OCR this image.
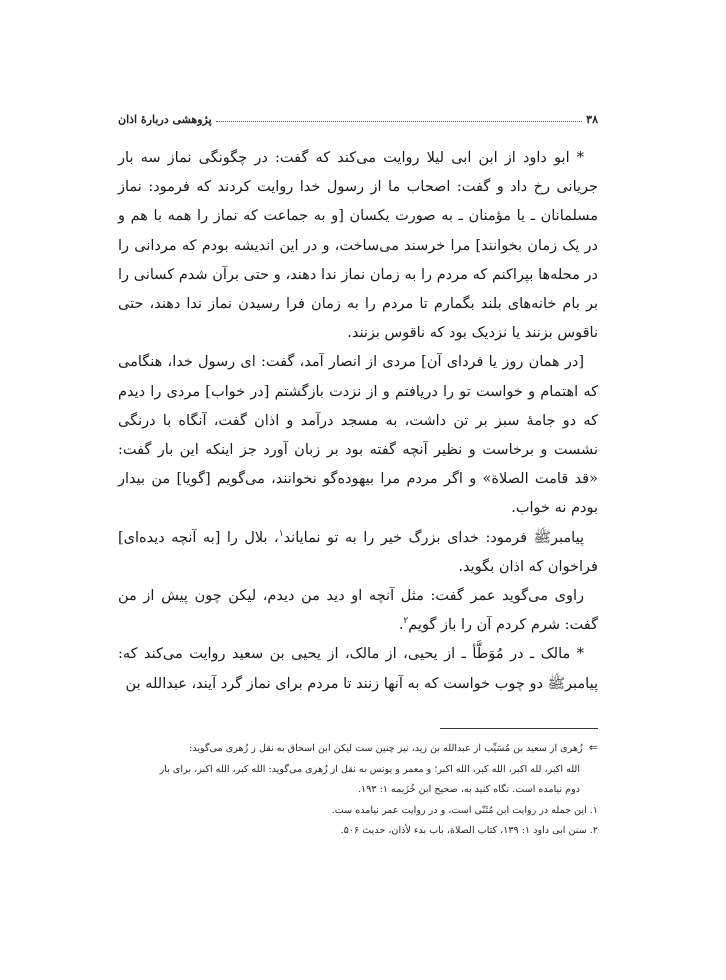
۳۸
پژوهشی دربارهٔ اذان

* ابو داود از ابن ابی لیلا روایت می‌کند که گفت: در چگونگی نماز سه بار جریانی رخ داد و گفت: اصحاب ما از رسول خدا روایت کردند که فرمود: نماز مسلمانان ـ یا مؤمنان ـ به صورت یکسان [و به جماعت که نماز را همه با هم و در یک زمان بخوانند] مرا خرسند می‌ساخت، و در این اندیشه بودم که مردانی را در محله‌ها بپراکنم که مردم را به زمان نماز ندا دهند، و حتی برآن شدم کسانی را بر بام خانه‌های بلند بگمارم تا مردم را به زمان فرا رسیدن نماز ندا دهند، حتی ناقوس بزنند یا نزدیک بود که ناقوس بزنند.

[در همان روز یا فردای آن] مردی از انصار آمد، گفت: ای رسول خدا، هنگامی که اهتمام و خواست تو را دریافتم و از نزدت بازگشتم [در خواب] مردی را دیدم که دو جامهٔ سبز بر تن داشت، به مسجد درآمد و اذان گفت، آنگاه با درنگی نشست و برخاست و نظیر آنچه گفته بود بر زبان آورد جز اینکه این بار گفت: «قد قامت الصلاة» و اگر مردم مرا بیهوده‌گو نخوانند، می‌گویم [گویا] من بیدار بودم نه خواب.

پیامبرﷺ فرمود: خدای بزرگ خیر را به تو نمایاند$^۱$، بلال را [به آنچه دیده‌ای] فراخوان که اذان بگوید.

راوی می‌گوید عمر گفت: مثل آنچه او دید من دیدم، لیکن چون پیش از من گفت: شرم کردم آن را باز گویم$^۲$.

* مالک ـ در مُوَطَّأ ـ از یحیی، از مالک، از یحیی بن سعید روایت می‌کند که: پیامبرﷺ دو چوب خواست که به آنها زنند تا مردم برای نماز گرد آیند، عبدالله بن

⇐  زُهری از سعید بن مُسَیِّب از عبدالله بن زید، نیز چنین ست لیکن ابن اسحاق به نقل ز زُهری می‌گوید:

الله اکبر، لله اکبر، الله کبر، الله اکبر؛ و معمر و یونس به نقل از زُهری می‌گوید: الله کبر، الله اکبر، برای بار

دوم نیامده است. نگاه کنید به، صحیح ابن خُزَیمه ۱: ۱۹۳.

۱. این جمله در روایت ابن مُثَنّی است، و در روایت عمر نیامده ست.

۲. سنن ابی داود ۱: ۱۳۹، کتاب الصلاة، باب بدء لأذان، حدیث ۵۰۶.
